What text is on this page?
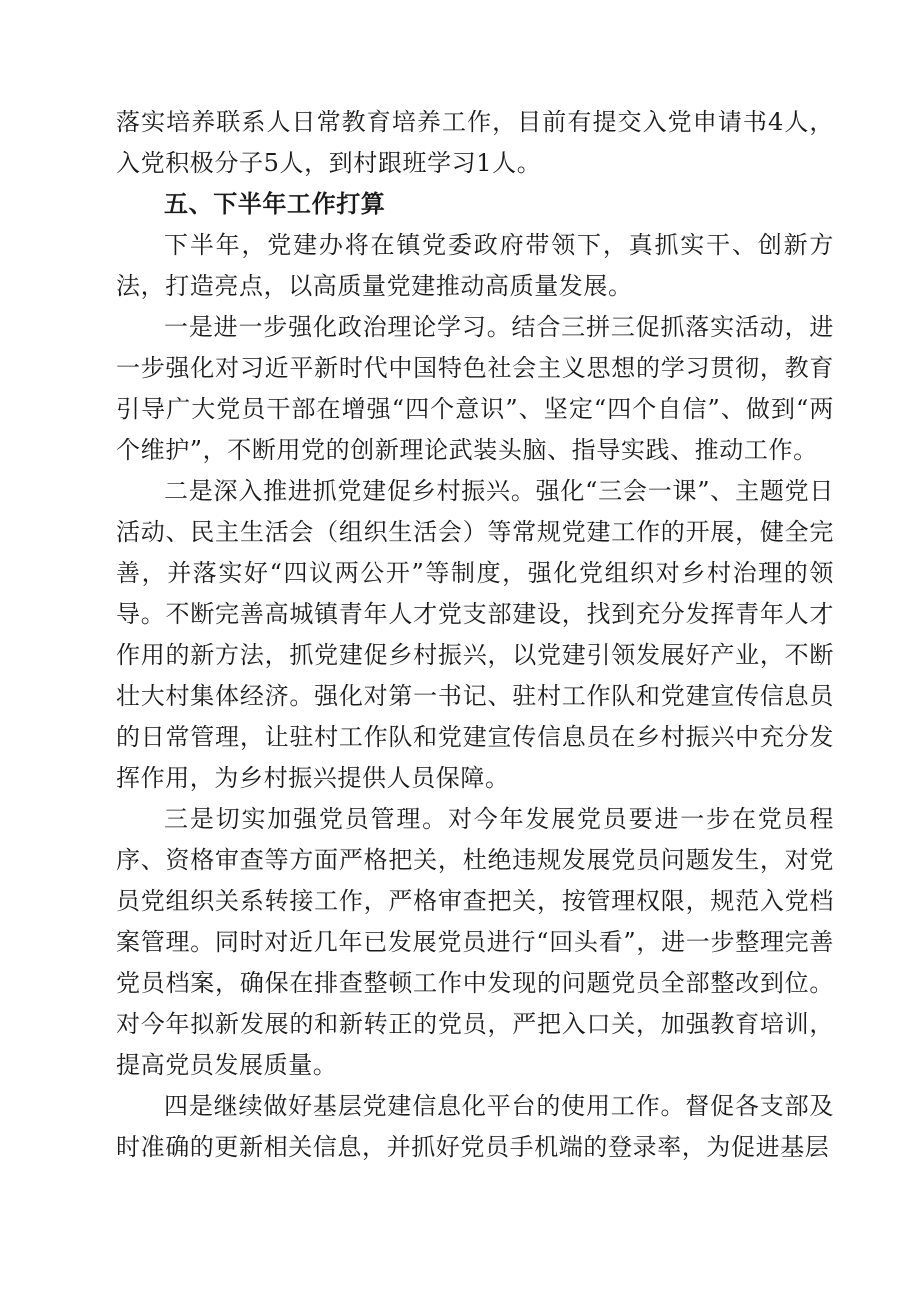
落实培养联系人日常教育培养工作，目前有提交入党申请书4人，入党积极分子5人，到村跟班学习1人。

五、下半年工作打算

下半年，党建办将在镇党委政府带领下，真抓实干、创新方法，打造亮点，以高质量党建推动高质量发展。

一是进一步强化政治理论学习。结合三拼三促抓落实活动，进一步强化对习近平新时代中国特色社会主义思想的学习贯彻，教育引导广大党员干部在增强“四个意识”、坚定“四个自信”、做到“两个维护”，不断用党的创新理论武装头脑、指导实践、推动工作。

二是深入推进抓党建促乡村振兴。强化“三会一课”、主题党日活动、民主生活会（组织生活会）等常规党建工作的开展，健全完善，并落实好“四议两公开”等制度，强化党组织对乡村治理的领导。不断完善高城镇青年人才党支部建设，找到充分发挥青年人才作用的新方法，抓党建促乡村振兴，以党建引领发展好产业，不断壮大村集体经济。强化对第一书记、驻村工作队和党建宣传信息员的日常管理，让驻村工作队和党建宣传信息员在乡村振兴中充分发挥作用，为乡村振兴提供人员保障。

三是切实加强党员管理。对今年发展党员要进一步在党员程序、资格审查等方面严格把关，杜绝违规发展党员问题发生，对党员党组织关系转接工作，严格审查把关，按管理权限，规范入党档案管理。同时对近几年已发展党员进行“回头看”，进一步整理完善党员档案，确保在排查整顿工作中发现的问题党员全部整改到位。对今年拟新发展的和新转正的党员，严把入口关，加强教育培训，提高党员发展质量。

四是继续做好基层党建信息化平台的使用工作。督促各支部及时准确的更新相关信息，并抓好党员手机端的登录率，为促进基层
